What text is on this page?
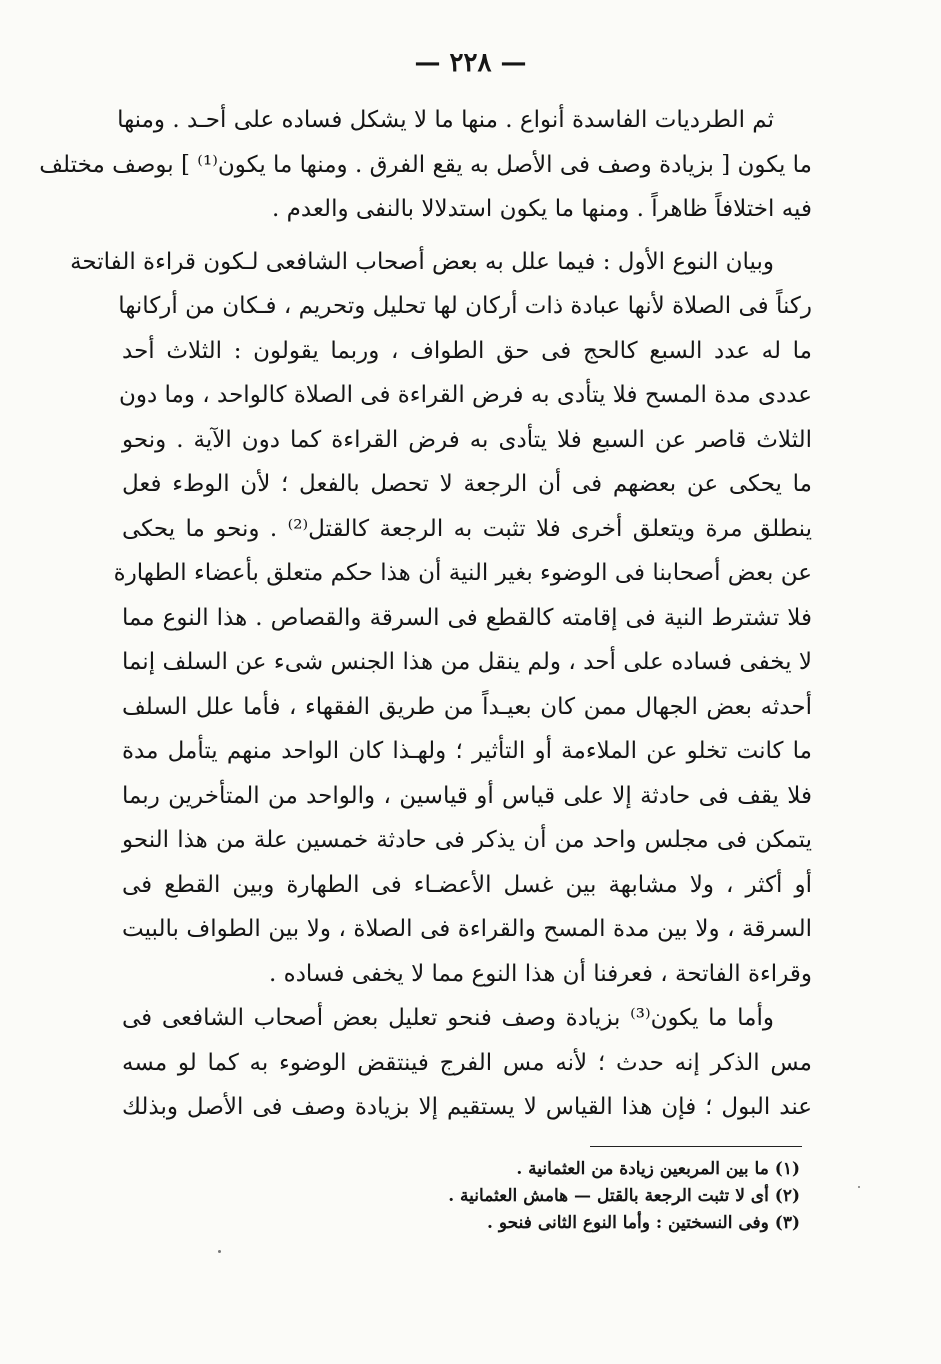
— ٢٢٨ —
ثم الطرديات الفاسدة أنواع . منها ما لا يشكل فساده على أحـد . ومنها
ما يكون [ بزيادة وصف فى الأصل به يقع الفرق . ومنها ما يكون⁽¹⁾ ] بوصف مختلف
فيه اختلافاً ظاهراً . ومنها ما يكون استدلالا بالنفى والعدم .
وبيان النوع الأول : فيما علل به بعض أصحاب الشافعى لـكون قراءة الفاتحة
ركناً فى الصلاة لأنها عبادة ذات أركان لها تحليل وتحريم ، فـكان من أركانها
ما له عدد السبع كالحج فى حق الطواف ، وربما يقولون : الثلاث أحد
عددى مدة المسح فلا يتأدى به فرض القراءة فى الصلاة كالواحد ، وما دون
الثلاث قاصر عن السبع فلا يتأدى به فرض القراءة كما دون الآية . ونحو
ما يحكى عن بعضهم فى أن الرجعة لا تحصل بالفعل ؛ لأن الوطء فعل
ينطلق مرة ويتعلق أخرى فلا تثبت به الرجعة كالقتل⁽²⁾ . ونحو ما يحكى
عن بعض أصحابنا فى الوضوء بغير النية أن هذا حكم متعلق بأعضاء الطهارة
فلا تشترط النية فى إقامته كالقطع فى السرقة والقصاص . هذا النوع مما
لا يخفى فساده على أحد ، ولم ينقل من هذا الجنس شىء عن السلف إنما
أحدثه بعض الجهال ممن كان بعيـداً من طريق الفقهاء ، فأما علل السلف
ما كانت تخلو عن الملاءمة أو التأثير ؛ ولهـذا كان الواحد منهم يتأمل مدة
فلا يقف فى حادثة إلا على قياس أو قياسين ، والواحد من المتأخرين ربما
يتمكن فى مجلس واحد من أن يذكر فى حادثة خمسين علة من هذا النحو
أو أكثر ، ولا مشابهة بين غسل الأعضـاء فى الطهارة وبين القطع فى
السرقة ، ولا بين مدة المسح والقراءة فى الصلاة ، ولا بين الطواف بالبيت
وقراءة الفاتحة ، فعرفنا أن هذا النوع مما لا يخفى فساده .
وأما ما يكون⁽³⁾ بزيادة وصف فنحو تعليل بعض أصحاب الشافعى فى
مس الذكر إنه حدث ؛ لأنه مس الفرج فينتقض الوضوء به كما لو مسه
عند البول ؛ فإن هذا القياس لا يستقيم إلا بزيادة وصف فى الأصل وبذلك
(١) ما بين المربعين زيادة من العثمانية .
(٢) أى لا تثبت الرجعة بالقتل — هامش العثمانية .
(٣) وفى النسختين : وأما النوع الثانى فنحو .
